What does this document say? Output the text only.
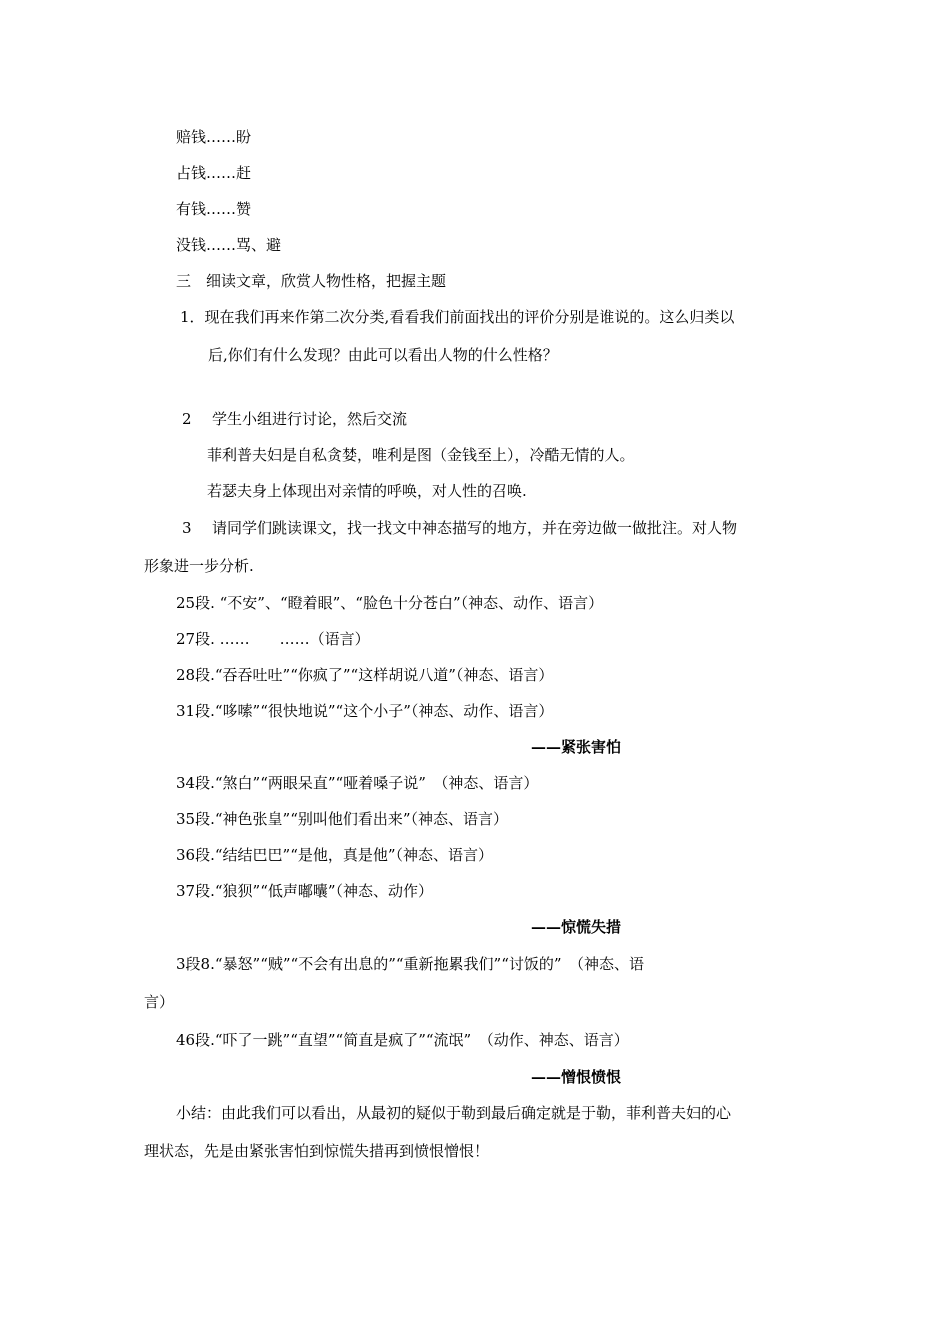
赔钱……盼
占钱……赶
有钱……赞
没钱……骂、避
三　细读文章，欣赏人物性格，把握主题
1．现在我们再来作第二次分类,看看我们前面找出的评价分别是谁说的。这么归类以
后,你们有什么发现？由此可以看出人物的什么性格？
2 学生小组进行讨论，然后交流
菲利普夫妇是自私贪婪，唯利是图（金钱至上），冷酷无情的人。
若瑟夫身上体现出对亲情的呼唤，对人性的召唤.
3 请同学们跳读课文，找一找文中神态描写的地方，并在旁边做一做批注。对人物
形象进一步分析.
25段. “不安”、“瞪着眼”、“脸色十分苍白”（神态、动作、语言）
27段. ……　　……（语言）
28段.“吞吞吐吐”“你疯了”“这样胡说八道”（神态、语言）
31段.“哆嗦”“很快地说”“这个小子”（神态、动作、语言）
——紧张害怕
34段.“煞白”“两眼呆直”“哑着嗓子说”　（神态、语言）
35段.“神色张皇”“别叫他们看出来”（神态、语言）
36段.“结结巴巴”“是他，真是他”（神态、语言）
37段.“狼狈”“低声嘟囔”（神态、动作）
——惊慌失措
3段8.“暴怒”“贼”“不会有出息的”“重新拖累我们”“讨饭的”　（神态、语
言）
46段.“吓了一跳”“直望”“简直是疯了”“流氓”　（动作、神态、语言）
——憎恨愤恨
小结：由此我们可以看出，从最初的疑似于勒到最后确定就是于勒，菲利普夫妇的心
理状态，先是由紧张害怕到惊慌失措再到愤恨憎恨！
